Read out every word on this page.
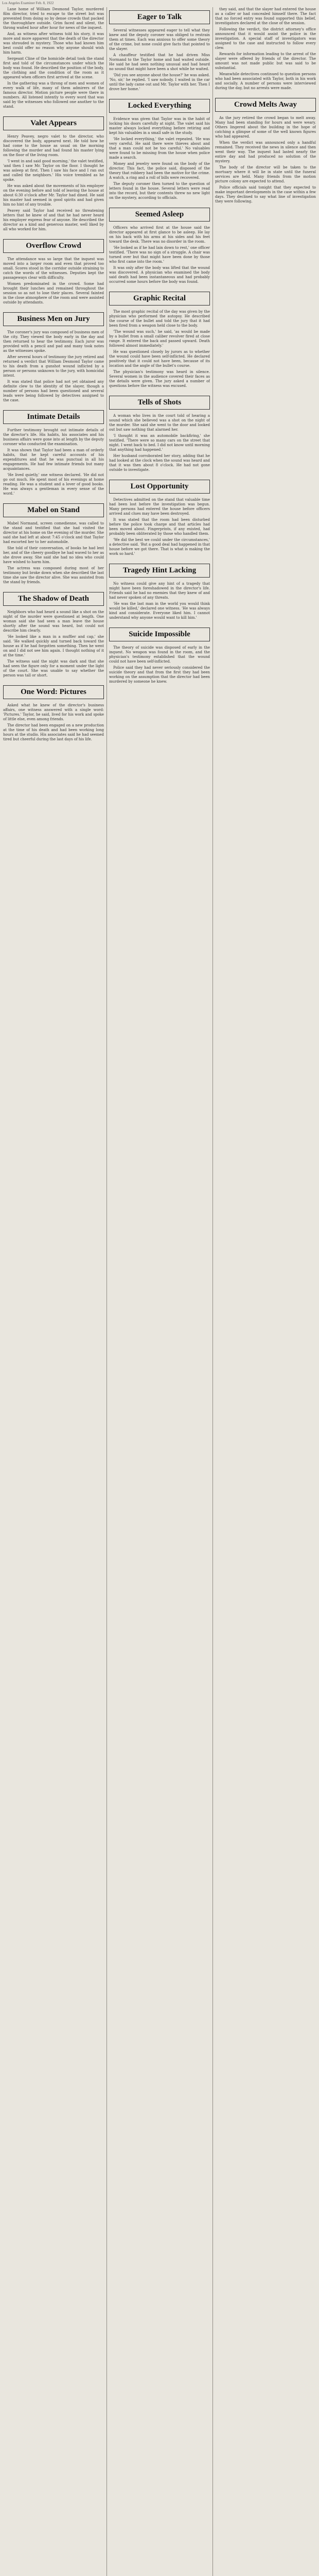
Los Angeles Examiner Feb. 8, 1922

Lane home of William Desmond Taylor, murdered film director, tried to escape to the street but was prevented from doing so by dense crowds that packed the thoroughfare outside. Grim faced and silent, the throng waited hour after hour for news of the inquest.

And, as witness after witness told his story, it was more and more apparent that the death of the director was shrouded in mystery. Those who had known him best could offer no reason why anyone should wish him harm.

Sergeant Cline of the homicide detail took the stand first and told of the circumstances under which the body was found. He described the position of the body, the clothing and the condition of the room as it appeared when officers first arrived at the scene.

In the gathering was a throng of men and women of every walk of life, many of them admirers of the famous director. Motion picture people were there in numbers. All listened intently to every word that was said by the witnesses who followed one another to the stand.

Valet Appears

Henry Peavey, negro valet to the director, who discovered the body, appeared next. He told how he had come to the house as usual on the morning following the murder and had found his master lying on the floor of the living room.

'I went in and said good morning,' the valet testified, 'and then I saw Mr. Taylor on the floor. I thought he was asleep at first. Then I saw his face and I ran out and called the neighbors.' His voice trembled as he spoke.

He was asked about the movements of his employer on the evening before and told of leaving the house at about 6:30 o'clock after Mr. Taylor had dined. He said his master had seemed in good spirits and had given him no hint of any trouble.

Peavey said Taylor had received no threatening letters that he knew of and that he had never heard his employer express fear of anyone. He described the director as a kind and generous master, well liked by all who worked for him.

Overflow Crowd

The attendance was so large that the inquest was moved into a larger room and even that proved too small. Scores stood in the corridor outside straining to catch the words of the witnesses. Deputies kept the passageways clear with difficulty.

Women predominated in the crowd. Some had brought their lunches and remained throughout the session so as not to lose their places. Several fainted in the close atmosphere of the room and were assisted outside by attendants.

Business Men on Jury

The coroner's jury was composed of business men of the city. They viewed the body early in the day and then returned to hear the testimony. Each juror was provided with a pencil and pad and many took notes as the witnesses spoke.

After several hours of testimony the jury retired and returned a verdict that William Desmond Taylor came to his death from a gunshot wound inflicted by a person or persons unknown to the jury, with homicidal intent.

It was stated that police had not yet obtained any definite clew to the identity of the slayer, though a number of persons had been questioned and several leads were being followed by detectives assigned to the case.

Intimate Details

Further testimony brought out intimate details of the director's life. His habits, his associates and his business affairs were gone into at length by the deputy coroner who conducted the examination.

It was shown that Taylor had been a man of orderly habits, that he kept careful accounts of his expenditures and that he was punctual in all his engagements. He had few intimate friends but many acquaintances.

'He lived quietly,' one witness declared. 'He did not go out much. He spent most of his evenings at home reading. He was a student and a lover of good books. He was always a gentleman in every sense of the word.'

Mabel on Stand

Mabel Normand, screen comedienne, was called to the stand and testified that she had visited the director at his home on the evening of the murder. She said she had left at about 7:45 o'clock and that Taylor had escorted her to her automobile.

She told of their conversation, of books he had lent her, and of the cheery goodbye he had waved to her as she drove away. She said she had no idea who could have wished to harm him.

The actress was composed during most of her testimony but broke down when she described the last time she saw the director alive. She was assisted from the stand by friends.

The Shadow of Death

Neighbors who had heard a sound like a shot on the night of the murder were questioned at length. One woman said she had seen a man leave the house shortly after the sound was heard, but could not describe him clearly.

'He looked like a man in a muffler and cap,' she said. 'He walked quickly and turned back toward the house as if he had forgotten something. Then he went on and I did not see him again. I thought nothing of it at the time.'

The witness said the night was dark and that she had seen the figure only for a moment under the light of the court. She was unable to say whether the person was tall or short.

One Word: Pictures

Asked what he knew of the director's business affairs, one witness answered with a single word: 'Pictures.' Taylor, he said, lived for his work and spoke of little else, even among friends.

The director had been engaged on a new production at the time of his death and had been working long hours at the studio. His associates said he had seemed tired but cheerful during the last days of his life.

Eager to Talk

Several witnesses appeared eager to tell what they knew and the deputy coroner was obliged to restrain them at times. Each was anxious to offer some theory of the crime, but none could give facts that pointed to the slayer.

A chauffeur testified that he had driven Miss Normand to the Taylor home and had waited outside. He said he had seen nothing unusual and had heard no sound that might have been a shot while he waited.

'Did you see anyone about the house?' he was asked. 'No, sir,' he replied. 'I saw nobody. I waited in the car until the lady came out and Mr. Taylor with her. Then I drove her home.'

Locked Everything

Evidence was given that Taylor was in the habit of locking his doors carefully at night. The valet said his master always locked everything before retiring and kept his valuables in a small safe in the study.

'He locked everything,' the valet repeated. 'He was very careful. He said there were thieves about and that a man could not be too careful.' No valuables were found to be missing from the house when police made a search.

Money and jewelry were found on the body of the director. This fact, the police said, disposed of the theory that robbery had been the motive for the crime. A watch, a ring and a roll of bills were recovered.

The deputy coroner then turned to the question of letters found in the house. Several letters were read into the record, but their contents threw no new light on the mystery, according to officials.

Seemed Asleep

Officers who arrived first at the house said the director appeared at first glance to be asleep. He lay on his back with his arms at his sides and his feet toward the desk. There was no disorder in the room.

'He looked as if he had lain down to rest,' one officer testified. 'There was no sign of a struggle. A chair was turned over but that might have been done by those who first came into the room.'

It was only after the body was lifted that the wound was discovered. A physician who examined the body said death had been instantaneous and had probably occurred some hours before the body was found.

Graphic Recital

The most graphic recital of the day was given by the physician who performed the autopsy. He described the course of the bullet and told the jury that it had been fired from a weapon held close to the body.

'The wound was such,' he said, 'as would be made by a bullet from a small caliber revolver fired at close range. It entered the back and passed upward. Death followed almost immediately.'

He was questioned closely by jurors as to whether the wound could have been self-inflicted. He declared positively that it could not have been, because of its location and the angle of the bullet's course.

The physician's testimony was heard in silence. Several women in the audience covered their faces as the details were given. The jury asked a number of questions before the witness was excused.

Tells of Shots

A woman who lives in the court told of hearing a sound which she believed was a shot on the night of the murder. She said she went to the door and looked out but saw nothing that alarmed her.

'I thought it was an automobile backfiring,' she testified. 'There were so many cars on the street that night. I went back to bed. I did not know until morning that anything had happened.'

Her husband corroborated her story, adding that he had looked at the clock when the sound was heard and that it was then about 8 o'clock. He had not gone outside to investigate.

Lost Opportunity

Detectives admitted on the stand that valuable time had been lost before the investigation was begun. Many persons had entered the house before officers arrived and clues may have been destroyed.

It was stated that the room had been disturbed before the police took charge and that articles had been moved about. Fingerprints, if any existed, had probably been obliterated by those who handled them.

'We did the best we could under the circumstances,' a detective said. 'But a good deal had happened in that house before we got there. That is what is making the work so hard.'

Tragedy Hint Lacking

No witness could give any hint of a tragedy that might have been foreshadowed in the director's life. Friends said he had no enemies that they knew of and had never spoken of any threats.

'He was the last man in the world you would think would be killed,' declared one witness. 'He was always kind and considerate. Everyone liked him. I cannot understand why anyone would want to kill him.'

Suicide Impossible

The theory of suicide was disposed of early in the inquest. No weapon was found in the room, and the physician's testimony established that the wound could not have been self-inflicted.

Police said they had never seriously considered the suicide theory and that from the first they had been working on the assumption that the director had been murdered by someone he knew.

they said, and that the slayer had entered the house as a caller or had concealed himself there. The fact that no forced entry was found supported this belief, investigators declared at the close of the session.

Following the verdict, the district attorney's office announced that it would assist the police in the investigation. A special staff of investigators was assigned to the case and instructed to follow every clew.

Rewards for information leading to the arrest of the slayer were offered by friends of the director. The amount was not made public but was said to be substantial.

Meanwhile detectives continued to question persons who had been associated with Taylor, both in his work and socially. A number of persons were interviewed during the day, but no arrests were made.

Crowd Melts Away

As the jury retired the crowd began to melt away. Many had been standing for hours and were weary. Others lingered about the building in the hope of catching a glimpse of some of the well known figures who had appeared.

When the verdict was announced only a handful remained. They received the news in silence and then went their way. The inquest had lasted nearly the entire day and had produced no solution of the mystery.

The body of the director will be taken to the mortuary where it will lie in state until the funeral services are held. Many friends from the motion picture colony are expected to attend.

Police officials said tonight that they expected to make important developments in the case within a few days. They declined to say what line of investigation they were following.
